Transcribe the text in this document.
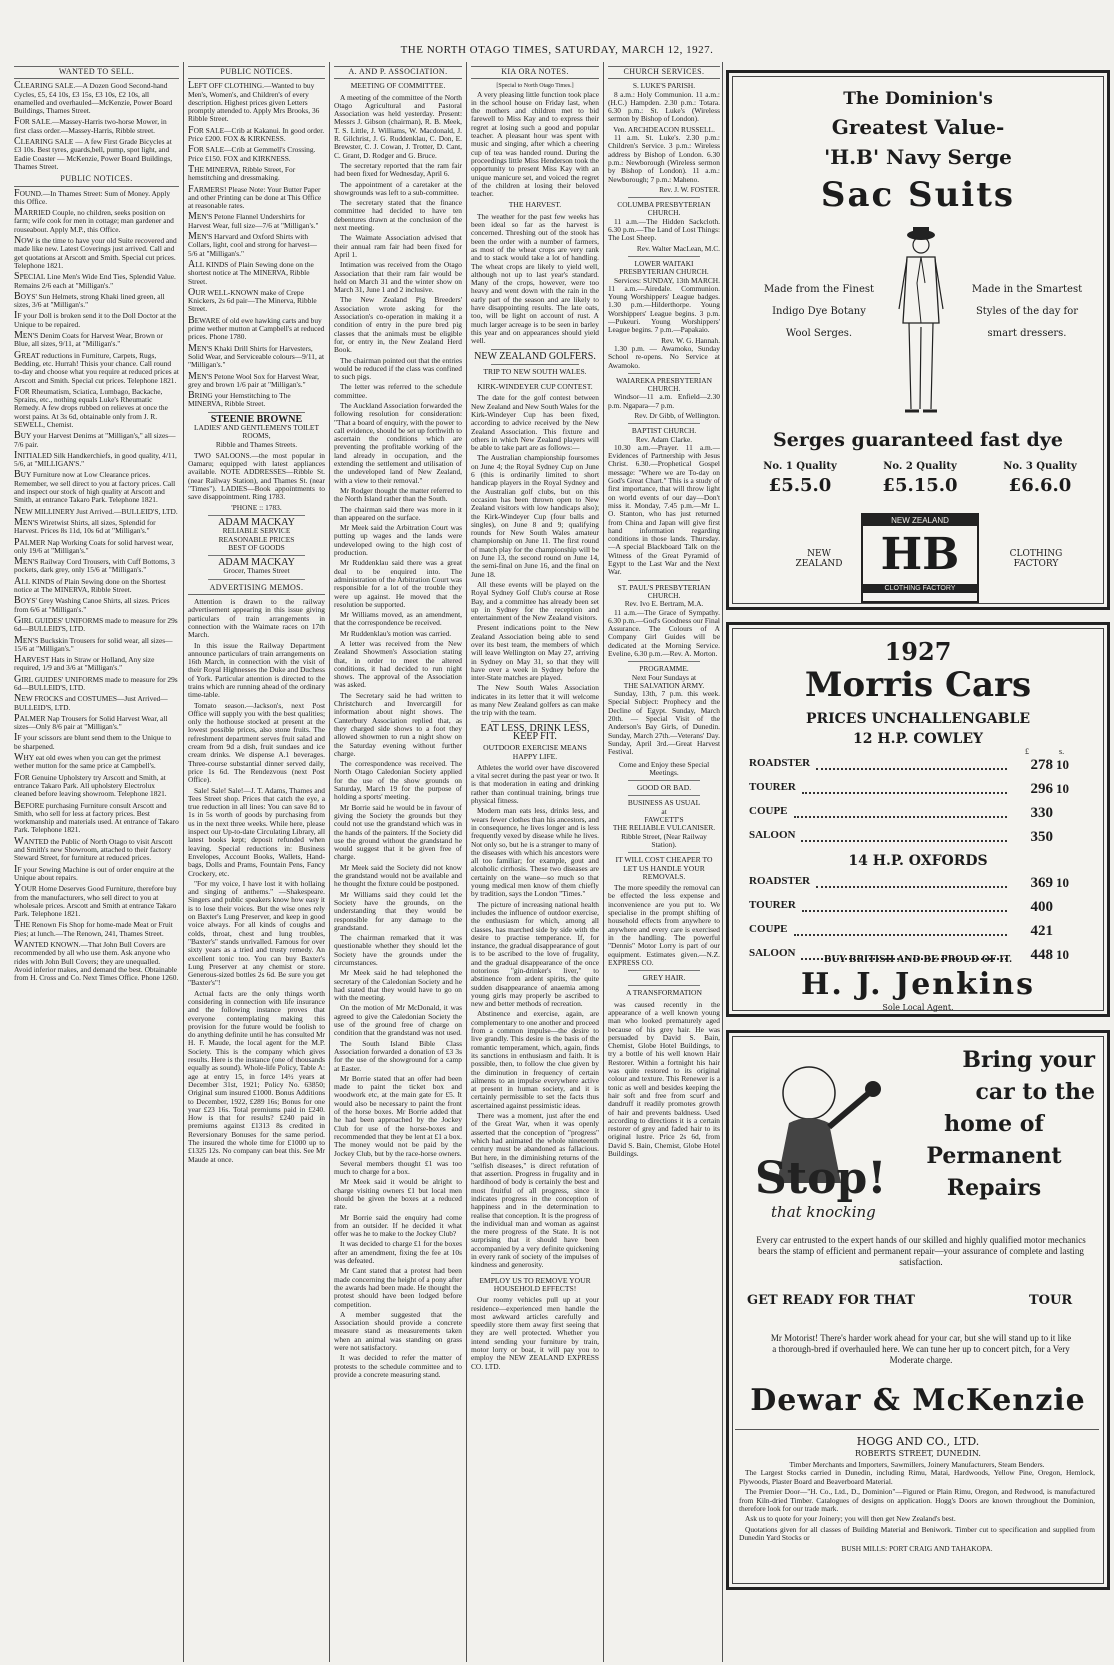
THE NORTH OTAGO TIMES, SATURDAY, MARCH 12, 1927.
WANTED TO SELL.
CLEARING SALE.—A Dozen Good Second-hand Cycles, £5, £4 10s, £3 15s, £3 10s, £2 10s, all enamelled and overhauled—McKenzie, Power Board Buildings, Thames Street.
FOR SALE.—Massey-Harris two-horse Mower, in first class order.—Massey-Harris, Ribble street.
CLEARING SALE — A few First Grade Bicycles at £3 10s. Best tyres, guards,bell, pump, spot light, and Eadie Coaster — McKenzie, Power Board Buildings, Thames Street.
PUBLIC NOTICES.
FOUND.—In Thames Street: Sum of Money. Apply this Office.
MARRIED Couple, no children, seeks position on farm; wife cook for men in cottage; man gardener and rouseabout. Apply M.P., this Office.
NOW is the time to have your old Suite recovered and made like new. Latest Coverings just arrived. Call and get quotations at Arscott and Smith. Special cut prices. Telephone 1821.
SPECIAL Line Men's Wide End Ties, Splendid Value. Remains 2/6 each at "Milligan's."
BOYS' Sun Helmets, strong Khaki lined green, all sizes, 3/6 at "Milligan's."
IF your Doll is broken send it to the Doll Doctor at the Unique to be repaired.
MEN'S Denim Coats for Harvest Wear, Brown or Blue, all sizes, 9/11, at "Milligan's."
GREAT reductions in Furniture, Carpets, Rugs, Bedding, etc. Hurrah! Thisis your chance. Call round to-day and choose what you require at reduced prices at Arscott and Smith. Special cut prices. Telephone 1821.
FOR Rheumatism, Sciatica, Lumbago, Backache, Sprains, etc., nothing equals Luke's Rheumatic Remedy. A few drops rubbed on relieves at once the worst pains. At 3s 6d, obtainable only from J. R. SEWELL, Chemist.
BUY your Harvest Denims at "Milligan's," all sizes—7/6 pair.
INITIALED Silk Handkerchiefs, in good quality, 4/11, 5/6, at "MILLIGAN'S."
BUY Furniture now at Low Clearance prices. Remember, we sell direct to you at factory prices. Call and inspect our stock of high quality at Arscott and Smith, at entrance Takaro Park. Telephone 1821.
NEW MILLINERY Just Arrived.—BULLEID'S, LTD.
MEN'S Wiretwist Shirts, all sizes, Splendid for Harvest. Prices 8s 11d, 10s 6d at "Milligan's."
PALMER Nap Working Coats for solid harvest wear, only 19/6 at "Milligan's."
MEN'S Railway Cord Trousers, with Cuff Bottoms, 3 pockets, dark grey, only 15/6 at "Milligan's."
ALL KINDS of Plain Sewing done on the Shortest notice at The MINERVA, Ribble Street.
BOYS' Grey Washing Canoe Shirts, all sizes. Prices from 6/6 at "Milligan's."
GIRL GUIDES' UNIFORMS made to measure for 29s 6d—BULLEID'S, LTD.
MEN'S Buckskin Trousers for solid wear, all sizes—15/6 at "Milligan's."
HARVEST Hats in Straw or Holland, Any size required, 1/9 and 3/6 at "Milligan's."
GIRL GUIDES' UNIFORMS made to measure for 29s 6d—BULLEID'S, LTD.
NEW FROCKS and COSTUMES—Just Arrived—BULLEID'S, LTD.
PALMER Nap Trousers for Solid Harvest Wear, all sizes—Only 8/6 pair at "Milligan's."
IF your scissors are blunt send them to the Unique to be sharpened.
WHY eat old ewes when you can get the primest wether mutton for the same price at Campbell's.
FOR Genuine Upholstery try Arscott and Smith, at entrance Takaro Park. All upholstery Electrolux cleaned before leaving showroom. Telephone 1821.
BEFORE purchasing Furniture consult Arscott and Smith, who sell for less at factory prices. Best workmanship and materials used. At entrance of Takaro Park. Telephone 1821.
WANTED the Public of North Otago to visit Arscott and Smith's new Showroom, attached to their factory Steward Street, for furniture at reduced prices.
IF your Sewing Machine is out of order enquire at the Unique about repairs.
YOUR Home Deserves Good Furniture, therefore buy from the manufacturers, who sell direct to you at wholesale prices. Arscott and Smith at entrance Takaro Park. Telephone 1821.
THE Renown Fis Shop for home-made Meat or Fruit Pies; at lunch.—The Renown, 241, Thames Street.
WANTED KNOWN.—That John Bull Covers are recommended by all who use them. Ask anyone who rides with John Bull Covers; they are unequalled. Avoid inferior makes, and demand the best. Obtainable from H. Cross and Co. Next Times Office. Phone 1260.
PUBLIC NOTICES.
LEFT OFF CLOTHING.—Wanted to buy Men's, Women's, and Children's of every description. Highest prices given Letters promptly attended to. Apply Mrs Brooks, 36 Ribble Street.
FOR SALE—Crib at Kakanui. In good order. Price £200. FOX & KIRKNESS.
FOR SALE—Crib at Gemmell's Crossing. Price £150. FOX and KIRKNESS.
THE MINERVA, Ribble Street, For hemstitching and dressmaking.
FARMERS! Please Note: Your Butter Paper and other Printing can be done at This Office at reasonable rates.
MEN'S Petone Flannel Undershirts for Harvest Wear, full size—7/6 at "Milligan's."
MEN'S Harvard and Oxford Shirts with Collars, light, cool and strong for harvest—5/6 at "Milligan's."
ALL KINDS of Plain Sewing done on the shortest notice at The MINERVA, Ribble Street.
OUR WELL-KNOWN make of Crepe Knickers, 2s 6d pair—The Minerva, Ribble Street.
BEWARE of old ewe hawking carts and buy prime wether mutton at Campbell's at reduced prices. Phone 1780.
MEN'S Khaki Drill Shirts for Harvesters, Solid Wear, and Serviceable colours—9/11, at "Milligan's."
MEN'S Petone Wool Sox for Harvest Wear, grey and brown 1/6 pair at "Milligan's."
BRING your Hemstitching to The MINERVA, Ribble Street.
STEENIE BROWNE
LADIES' AND GENTLEMEN'S TOILET ROOMS,
Ribble and Thames Streets.
TWO SALOONS.—the most popular in Oamaru; equipped with latest appliances available. NOTE ADDRESSES—Ribble St. (near Railway Station), and Thames St. (near "Times"). LADIES—Book appointments to save disappointment. Ring 1783.
'PHONE :: 1783.
ADAM MACKAY
RELIABLE SERVICE
REASONABLE PRICES
BEST OF GOODS
ADAM MACKAY
Grocer, Thames Street
ADVERTISING MEMOS.
Attention is drawn to the railway advertisement appearing in this issue giving particulars of train arrangements in connection with the Waimate races on 17th March.
In this issue the Railway Department announce particulars of train arrangements on 16th March, in connection with the visit of their Royal Highnesses the Duke and Duchess of York. Particular attention is directed to the trains which are running ahead of the ordinary time-table.
Tomato season.—Jackson's, next Post Office will supply you with the best qualities; only the hothouse stocked at present at the lowest possible prices, also stone fruits. The refreshment department serves fruit salad and cream from 9d a dish, fruit sundaes and ice cream drinks. We dispense A.1 beverages. Three-course substantial dinner served daily, price 1s 6d. The Rendezvous (next Post Office).
Sale! Sale! Sale!—J. T. Adams, Thames and Tees Street shop. Prices that catch the eye, a true reduction in all lines: You can save 8d to 1s in 5s worth of goods by purchasing from us in the next three weeks. While here, please inspect our Up-to-date Circulating Library, all latest books kept; deposit refunded when leaving. Special reductions in: Business Envelopes, Account Books, Wallets, Hand-bags, Dolls and Prams, Fountain Pens, Fancy Crockery, etc.
"For my voice, I have lost it with hollaing and singing of anthems." —Shakespeare. Singers and public speakers know how easy it is to lose their voices. But the wise ones rely on Baxter's Lung Preserver, and keep in good voice always. For all kinds of coughs and colds, throat, chest and lung troubles, "Baxter's" stands unrivalled. Famous for over sixty years as a tried and trusty remedy. An excellent tonic too. You can buy Baxter's Lung Preserver at any chemist or store. Generous-sized bottles 2s 6d. Be sure you get "Baxter's"!
Actual facts are the only things worth considering in connection with life insurance and the following instance proves that everyone contemplating making this provision for the future would be foolish to do anything definite until he has consulted Mr H. F. Maude, the local agent for the M.P. Society. This is the company which gives results. Here is the instance (one of thousands equally as sound). Whole-life Policy, Table A: age at entry 15, in force 14½ years at December 31st, 1921; Policy No. 63850; Original sum insured £1000. Bonus Additions to December, 1922, £289 16s; Bonus for one year £23 16s. Total premiums paid in £240. How is that for results? £240 paid in premiums against £1313 8s credited in Reversionary Bonuses for the same period. The insured the whole time for £1000 up to £1325 12s. No company can beat this. See Mr Maude at once.
A. AND P. ASSOCIATION.
MEETING OF COMMITTEE.
A meeting of the committee of the North Otago Agricultural and Pastoral Association was held yesterday. Present: Messrs J. Gibson (chairman), R. B. Meek, T. S. Little, J. Williams, W. Macdonald, J. R. Gilchrist, J. G. Ruddenklau, C. Don, E. Brewster, C. J. Cowan, J. Trotter, D. Cant, C. Grant, D. Rodger and G. Bruce.
The secretary reported that the ram fair had been fixed for Wednesday, April 6.
The appointment of a caretaker at the showgrounds was left to a sub-committee.
The secretary stated that the finance committee had decided to have ten debentures drawn at the conclusion of the next meeting.
The Waimate Association advised that their annual ram fair had been fixed for April 1.
Intimation was received from the Otago Association that their ram fair would be held on March 31 and the winter show on March 31, June 1 and 2 inclusive.
The New Zealand Pig Breeders' Association wrote asking for the Association's co-operation in making it a condition of entry in the pure bred pig classes that the animals must be eligible for, or entry in, the New Zealand Herd Book.
The chairman pointed out that the entries would be reduced if the class was confined to such pigs.
The letter was referred to the schedule committee.
The Auckland Association forwarded the following resolution for consideration: "That a board of enquiry, with the power to call evidence, should be set up forthwith to ascertain the conditions which are preventing the profitable working of the land already in occupation, and the extending the settlement and utilisation of the undeveloped land of New Zealand, with a view to their removal."
Mr Rodger thought the matter referred to the North Island rather than the South.
The chairman said there was more in it than appeared on the surface.
Mr Meek said the Arbitration Court was putting up wages and the lands were undeveloped owing to the high cost of production.
Mr Ruddenklau said there was a great deal to be enquired into. The administration of the Arbitration Court was responsible for a lot of the trouble they were up against. He moved that the resolution be supported.
Mr Williams moved, as an amendment, that the correspondence be received.
Mr Ruddenklau's motion was carried.
A letter was received from the New Zealand Showmen's Association stating that, in order to meet the altered conditions, it had decided to run night shows. The approval of the Association was asked.
The Secretary said he had written to Christchurch and Invercargill for information about night shows. The Canterbury Association replied that, as they charged side shows to a foot they allowed showmen to run a night show on the Saturday evening without further charge.
The correspondence was received. The North Otago Caledonian Society applied for the use of the show grounds on Saturday, March 19 for the purpose of holding a sports' meeting.
Mr Borrie said he would be in favour of giving the Society the grounds but they could not use the grandstand which was in the hands of the painters. If the Society did use the ground without the grandstand he would suggest that it be given free of charge.
Mr Meek said the Society did not know the grandstand would not be available and he thought the fixture could be postponed.
Mr Williams said they could let the Society have the grounds, on the understanding that they would be responsible for any damage to the grandstand.
The chairman remarked that it was questionable whether they should let the Society have the grounds under the circumstances.
Mr Meek said he had telephoned the secretary of the Caledonian Society and he had stated that they would have to go on with the meeting.
On the motion of Mr McDonald, it was agreed to give the Caledonian Society the use of the ground free of charge on condition that the grandstand was not used.
The South Island Bible Class Association forwarded a donation of £3 3s for the use of the showground for a camp at Easter.
Mr Borrie stated that an offer had been made to paint the ticket box and woodwork etc, at the main gate for £5. It would also be necessary to paint the front of the horse boxes. Mr Borrie added that he had been approached by the Jockey Club for use of the horse-boxes and recommended that they be lent at £1 a box. The money would not be paid by the Jockey Club, but by the race-horse owners.
Several members thought £1 was too much to charge for a box.
Mr Meek said it would be alright to charge visiting owners £1 but local men should be given the boxes at a reduced rate.
Mr Borrie said the enquiry had come from an outsider. If he decided it what offer was he to make to the Jockey Club?
It was decided to charge £1 for the boxes after an amendment, fixing the fee at 10s was defeated.
Mr Cant stated that a protest had been made concerning the height of a pony after the awards had been made. He thought the protest should have been lodged before competition.
A member suggested that the Association should provide a concrete measure stand as measurements taken when an animal was standing on grass were not satisfactory.
It was decided to refer the matter of protests to the schedule committee and to provide a concrete measuring stand.
KIA ORA NOTES.
[Special to North Otago Times.]
A very pleasing little function took place in the school house on Friday last, when the mothers and children met to bid farewell to Miss Kay and to express their regret at losing such a good and popular teacher. A pleasant hour was spent with music and singing, after which a cheering cup of tea was handed round. During the proceedings little Miss Henderson took the opportunity to present Miss Kay with an unique manicure set, and voiced the regret of the children at losing their beloved teacher.
THE HARVEST.
The weather for the past few weeks has been ideal so far as the harvest is concerned. Threshing out of the stook has been the order with a number of farmers, as most of the wheat crops are very rank and to stack would take a lot of handling. The wheat crops are likely to yield well, although not up to last year's standard. Many of the crops, however, were too heavy and went down with the rain in the early part of the season and are likely to have disappointing results. The late oats, too, will be light on account of rust. A much larger acreage is to be seen in barley this year and on appearances should yield well.
NEW ZEALAND GOLFERS.
TRIP TO NEW SOUTH WALES.
KIRK-WINDEYER CUP CONTEST.
The date for the golf contest between New Zealand and New South Wales for the Kirk-Windeyer Cup has been fixed, according to advice received by the New Zealand Association. This fixture and others in which New Zealand players will be able to take part are as follows:—
The Australian championship foursomes on June 4; the Royal Sydney Cup on June 6 (this is ordinarily limited to short handicap players in the Royal Sydney and the Australian golf clubs, but on this occasion has been thrown open to New Zealand visitors with low handicaps also); the Kirk-Windeyer Cup (four balls and singles), on June 8 and 9; qualifying rounds for New South Wales amateur championship on June 11. The first round of match play for the championship will be on June 13, the second round on June 14, the semi-final on June 16, and the final on June 18.
All these events will be played on the Royal Sydney Golf Club's course at Rose Bay, and a committee has already been set up in Sydney for the reception and entertainment of the New Zealand visitors.
Present indications point to the New Zealand Association being able to send over its best team, the members of which will leave Wellington on May 27, arriving in Sydney on May 31, so that they will have over a week in Sydney before the inter-State matches are played.
The New South Wales Association indicates in its letter that it will welcome as many New Zealand golfers as can make the trip with the team.
EAT LESS, DRINK LESS, KEEP FIT.
OUTDOOR EXERCISE MEANS HAPPY LIFE.
Athletes the world over have discovered a vital secret during the past year or two. It is that moderation in eating and drinking rather than continual training, brings true physical fitness.
Modern man eats less, drinks less, and wears fewer clothes than his ancestors, and in consequence, he lives longer and is less frequently vexed by disease while he lives. Not only so, but he is a stranger to many of the diseases with which his ancestors were all too familiar; for example, gout and alcoholic cirrhosis. These two diseases are certainly on the wane—so much so that young medical men know of them chiefly by tradition, says the London "Times."
The picture of increasing national health includes the influence of outdoor exercise, the enthusiasm for which, among all classes, has marched side by side with the desire to practise temperance. If, for instance, the gradual disappearance of gout is to be ascribed to the love of frugality, and the gradual disappearance of the once notorious "gin-drinker's liver," to abstinence from ardent spirits, the quite sudden disappearance of anaemia among young girls may properly be ascribed to new and better methods of recreation.
Abstinence and exercise, again, are complementary to one another and proceed from a common impulse—the desire to live grandly. This desire is the basis of the romantic temperament, which, again, finds its sanctions in enthusiasm and faith. It is possible, then, to follow the clue given by the diminution in frequency of certain ailments to an impulse everywhere active at present in human society, and it is certainly permissible to set the facts thus ascertained against pessimistic ideas.
There was a moment, just after the end of the Great War, when it was openly asserted that the conception of "progress" which had animated the whole nineteenth century must be abandoned as fallacious. But here, in the diminishing returns of the "selfish diseases," is direct refutation of that assertion. Progress in frugality and in hardihood of body is certainly the best and most fruitful of all progress, since it indicates progress in the conception of happiness and in the determination to realise that conception. It is the progress of the individual man and woman as against the mere progress of the State. It is not surprising that it should have been accompanied by a very definite quickening in every rank of society of the impulses of kindness and generosity.
EMPLOY US TO REMOVE YOUR HOUSEHOLD EFFECTS!
Our roomy vehicles pull up at your residence—experienced men handle the most awkward articles carefully and speedily store them away first seeing that they are well protected. Whether you intend sending your furniture by train, motor lorry or boat, it will pay you to employ the NEW ZEALAND EXPRESS CO. LTD.
CHURCH SERVICES.
S. LUKE'S PARISH.
8 a.m.: Holy Communion. 11 a.m.: (H.C.) Hampden. 2.30 p.m.: Totara. 6.30 p.m.: St. Luke's (Wireless sermon by Bishop of London).
Ven. ARCHDEACON RUSSELL.
11 a.m. St. Luke's. 2.30 p.m.: Children's Service. 3 p.m.: Wireless address by Bishop of London. 6.30 p.m.: Newborough (Wireless sermon by Bishop of London). 11 a.m.: Newborough; 7 p.m.: Maheno.
Rev. J. W. FOSTER.
COLUMBA PRESBYTERIAN CHURCH.
11 a.m.—The Hidden Sackcloth. 6.30 p.m.—The Land of Lost Things: The Lost Sheep.
Rev. Walter MacLean, M.C.
LOWER WAITAKI PRESBYTERIAN CHURCH.
Services: SUNDAY, 13th MARCH. 11 a.m.—Airedale. Communion. Young Worshippers' League badges. 1.30 p.m.—Hilderthorpe. Young Worshippers' League begins. 3 p.m.—Pukeuri. Young Worshippers' League begins. 7 p.m.—Papakaio.
Rev. W. G. Hannah.
1.30 p.m. — Awamoko, Sunday School re-opens. No Service at Awamoko.
WAIAREKA PRESBYTERIAN CHURCH.
Windsor—11 a.m. Enfield—2.30 p.m. Ngapara—7 p.m.
Rev. Dr Gibb, of Wellington.
BAPTIST CHURCH.
Rev. Adam Clarke.
10.30 a.m.—Prayer. 11 a.m.—Evidences of Partnership with Jesus Christ. 6.30.—Prophetical Gospel message: "Where we are To-day on God's Great Chart." This is a study of first importance, that will throw light on world events of our day—Don't miss it. Monday, 7.45 p.m.—Mr L. O. Stanton, who has just returned from China and Japan will give first hand information regarding conditions in those lands. Thursday.—A special Blackboard Talk on the Witness of the Great Pyramid of Egypt to the Last War and the Next War.
ST. PAUL'S PRESBYTERIAN CHURCH.
Rev. Ivo E. Bertram, M.A.
11 a.m.—The Grace of Sympathy. 6.30 p.m.—God's Goodness our Final Assurance. The Colours of A Company Girl Guides will be dedicated at the Morning Service. Eveline, 6.30 p.m.—Rev. A. Morton.
PROGRAMME.
Next Four Sundays at
THE SALVATION ARMY.
Sunday, 13th, 7 p.m. this week. Special Subject: Prophecy and the Decline of Egypt. Sunday, March 20th. — Special Visit of the Anderson's Bay Girls, of Dunedin. Sunday, March 27th.—Veterans' Day. Sunday, April 3rd.—Great Harvest Festival.
Come and Enjoy these Special Meetings.
GOOD OR BAD.
BUSINESS AS USUAL
at
FAWCETT'S
THE RELIABLE VULCANISER.
Ribble Street, (Near Railway Station).
IT WILL COST CHEAPER TO LET US HANDLE YOUR REMOVALS.
The more speedily the removal can be effected the less expense and inconvenience are you put to. We specialise in the prompt shifting of household effects from anywhere to anywhere and every care is exercised in the handling. The powerful "Dennis" Motor Lorry is part of our equipment. Estimates given.—N.Z. EXPRESS CO.
GREY HAIR.
A TRANSFORMATION
was caused recently in the appearance of a well known young man who looked prematurely aged because of his grey hair. He was persuaded by David S. Bain, Chemist, Globe Hotel Buildings, to try a bottle of his well known Hair Restorer. Within a fortnight his hair was quite restored to its original colour and texture. This Renewer is a tonic as well and besides keeping the hair soft and free from scurf and dandruff it readily promotes growth of hair and prevents baldness. Used according to directions it is a certain restorer of grey and faded hair to its original lustre. Price 2s 6d, from David S. Bain, Chemist, Globe Hotel Buildings.
The Dominion's
Greatest Value-
'H.B' Navy Serge
Sac Suits
Made from the Finest Indigo Dye Botany Wool Serges.
Made in the Smartest Styles of the day for smart dressers.
Serges guaranteed fast dye
No. 1 Quality
£5.5.0
No. 2 Quality
£5.15.0
No. 3 Quality
£6.6.0
NEW ZEALAND
HB
CLOTHING FACTORY
NEW ZEALAND
CLOTHING FACTORY
1927
Morris Cars
PRICES UNCHALLENGABLE
12 H.P. COWLEY
£	s.
ROADSTER	278 10
TOURER	296 10
COUPE	330
SALOON	350
14 H.P. OXFORDS
ROADSTER	369 10
TOURER	400
COUPE	421
SALOON	448 10
BUY BRITISH AND BE PROUD OF IT.
H. J. Jenkins
Sole Local Agent.
Stop!
that knocking
Bring your
car to the
home of
Permanent
Repairs
Every car entrusted to the expert hands of our skilled and highly qualified motor mechanics bears the stamp of efficient and permanent repair—your assurance of complete and lasting satisfaction.
GET READY FOR THAT	TOUR
Mr Motorist! There's harder work ahead for your car, but she will stand up to it like a thorough-bred if overhauled here. We can tune her up to concert pitch, for a Very Moderate charge.
Dewar & McKenzie
HOGG AND CO., LTD.
ROBERTS STREET, DUNEDIN.
Timber Merchants and Importers, Sawmillers, Joinery Manufacturers, Steam Benders.
The Largest Stocks carried in Dunedin, including Rimu, Matai, Hardwoods, Yellow Pine, Oregon, Hemlock, Plywoods, Plaster Board and Beaverboard Material.
The Premier Door—"H. Co., Ltd., D., Dominion"—Figured or Plain Rimu, Oregon, and Redwood, is manufactured from Kiln-dried Timber. Catalogues of designs on application. Hogg's Doors are known throughout the Dominion, therefore look for our trade mark.
Ask us to quote for your Joinery; you will then get New Zealand's best.
Quotations given for all classes of Building Material and Beniwork. Timber cut to specification and supplied from Dunedin Yard Stocks or
BUSH MILLS: PORT CRAIG AND TAHAKOPA.
